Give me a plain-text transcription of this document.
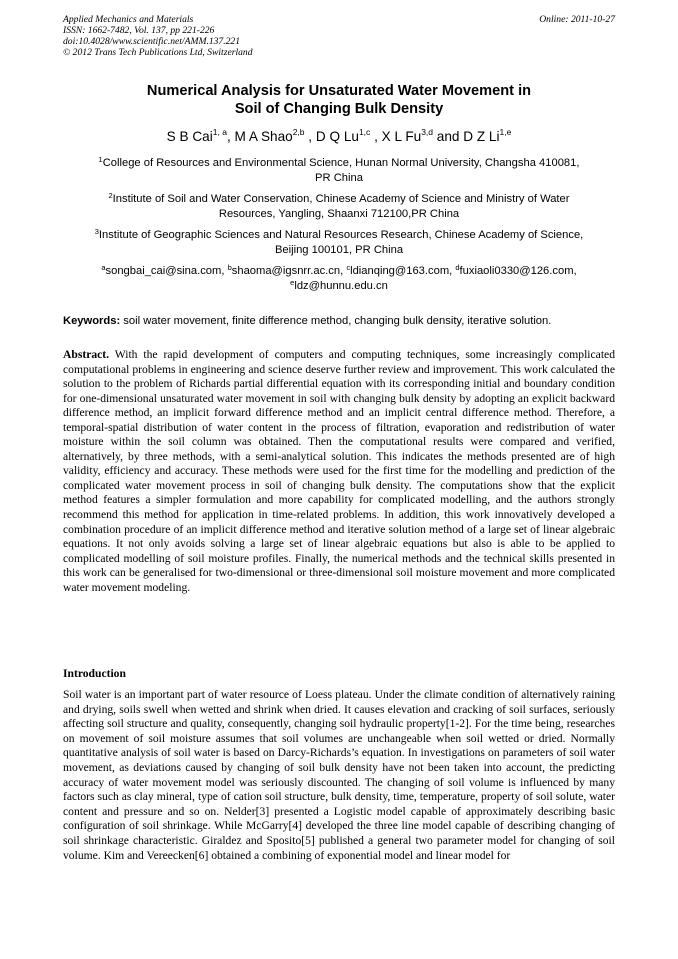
Applied Mechanics and Materials
ISSN: 1662-7482, Vol. 137, pp 221-226
doi:10.4028/www.scientific.net/AMM.137.221
© 2012 Trans Tech Publications Ltd, Switzerland
Online: 2011-10-27
Numerical Analysis for Unsaturated Water Movement in
Soil of Changing Bulk Density
S B Cai$^{1, a}$, M A Shao$^{2,b}$ , D Q Lu$^{1,c}$ , X L Fu$^{3,d}$ and D Z Li$^{1,e}$
$^1$College of Resources and Environmental Science, Hunan Normal University, Changsha 410081,
PR China
$^2$Institute of Soil and Water Conservation, Chinese Academy of Science and Ministry of Water
Resources, Yangling, Shaanxi 712100,PR China
$^3$Institute of Geographic Sciences and Natural Resources Research, Chinese Academy of Science,
Beijing 100101, PR China
$^a$songbai_cai@sina.com, $^b$shaoma@igsnrr.ac.cn, $^c$ldianqing@163.com, $^d$fuxiaoli0330@126.com,
$^e$ldz@hunnu.edu.cn
Keywords: soil water movement, finite difference method, changing bulk density, iterative solution.
Abstract. With the rapid development of computers and computing techniques, some increasingly complicated computational problems in engineering and science deserve further review and improvement. This work calculated the solution to the problem of Richards partial differential equation with its corresponding initial and boundary condition for one-dimensional unsaturated water movement in soil with changing bulk density by adopting an explicit backward difference method, an implicit forward difference method and an implicit central difference method. Therefore, a temporal-spatial distribution of water content in the process of filtration, evaporation and redistribution of water moisture within the soil column was obtained. Then the computational results were compared and verified, alternatively, by three methods, with a semi-analytical solution. This indicates the methods presented are of high validity, efficiency and accuracy. These methods were used for the first time for the modelling and prediction of the complicated water movement process in soil of changing bulk density. The computations show that the explicit method features a simpler formulation and more capability for complicated modelling, and the authors strongly recommend this method for application in time-related problems. In addition, this work innovatively developed a combination procedure of an implicit difference method and iterative solution method of a large set of linear algebraic equations. It not only avoids solving a large set of linear algebraic equations but also is able to be applied to complicated modelling of soil moisture profiles. Finally, the numerical methods and the technical skills presented in this work can be generalised for two-dimensional or three-dimensional soil moisture movement and more complicated water movement modeling.
Introduction
Soil water is an important part of water resource of Loess plateau. Under the climate condition of alternatively raining and drying, soils swell when wetted and shrink when dried. It causes elevation and cracking of soil surfaces, seriously affecting soil structure and quality, consequently, changing soil hydraulic property[1-2]. For the time being, researches on movement of soil moisture assumes that soil volumes are unchangeable when soil wetted or dried. Normally quantitative analysis of soil water is based on Darcy-Richards’s equation. In investigations on parameters of soil water movement, as deviations caused by changing of soil bulk density have not been taken into account, the predicting accuracy of water movement model was seriously discounted. The changing of soil volume is influenced by many factors such as clay mineral, type of cation soil structure, bulk density, time, temperature, property of soil solute, water content and pressure and so on. Nelder[3] presented a Logistic model capable of approximately describing basic configuration of soil shrinkage. While McGarry[4] developed the three line model capable of describing changing of soil shrinkage characteristic. Giraldez and Sposito[5] published a general two parameter model for changing of soil volume. Kim and Vereecken[6] obtained a combining of exponential model and linear model for
